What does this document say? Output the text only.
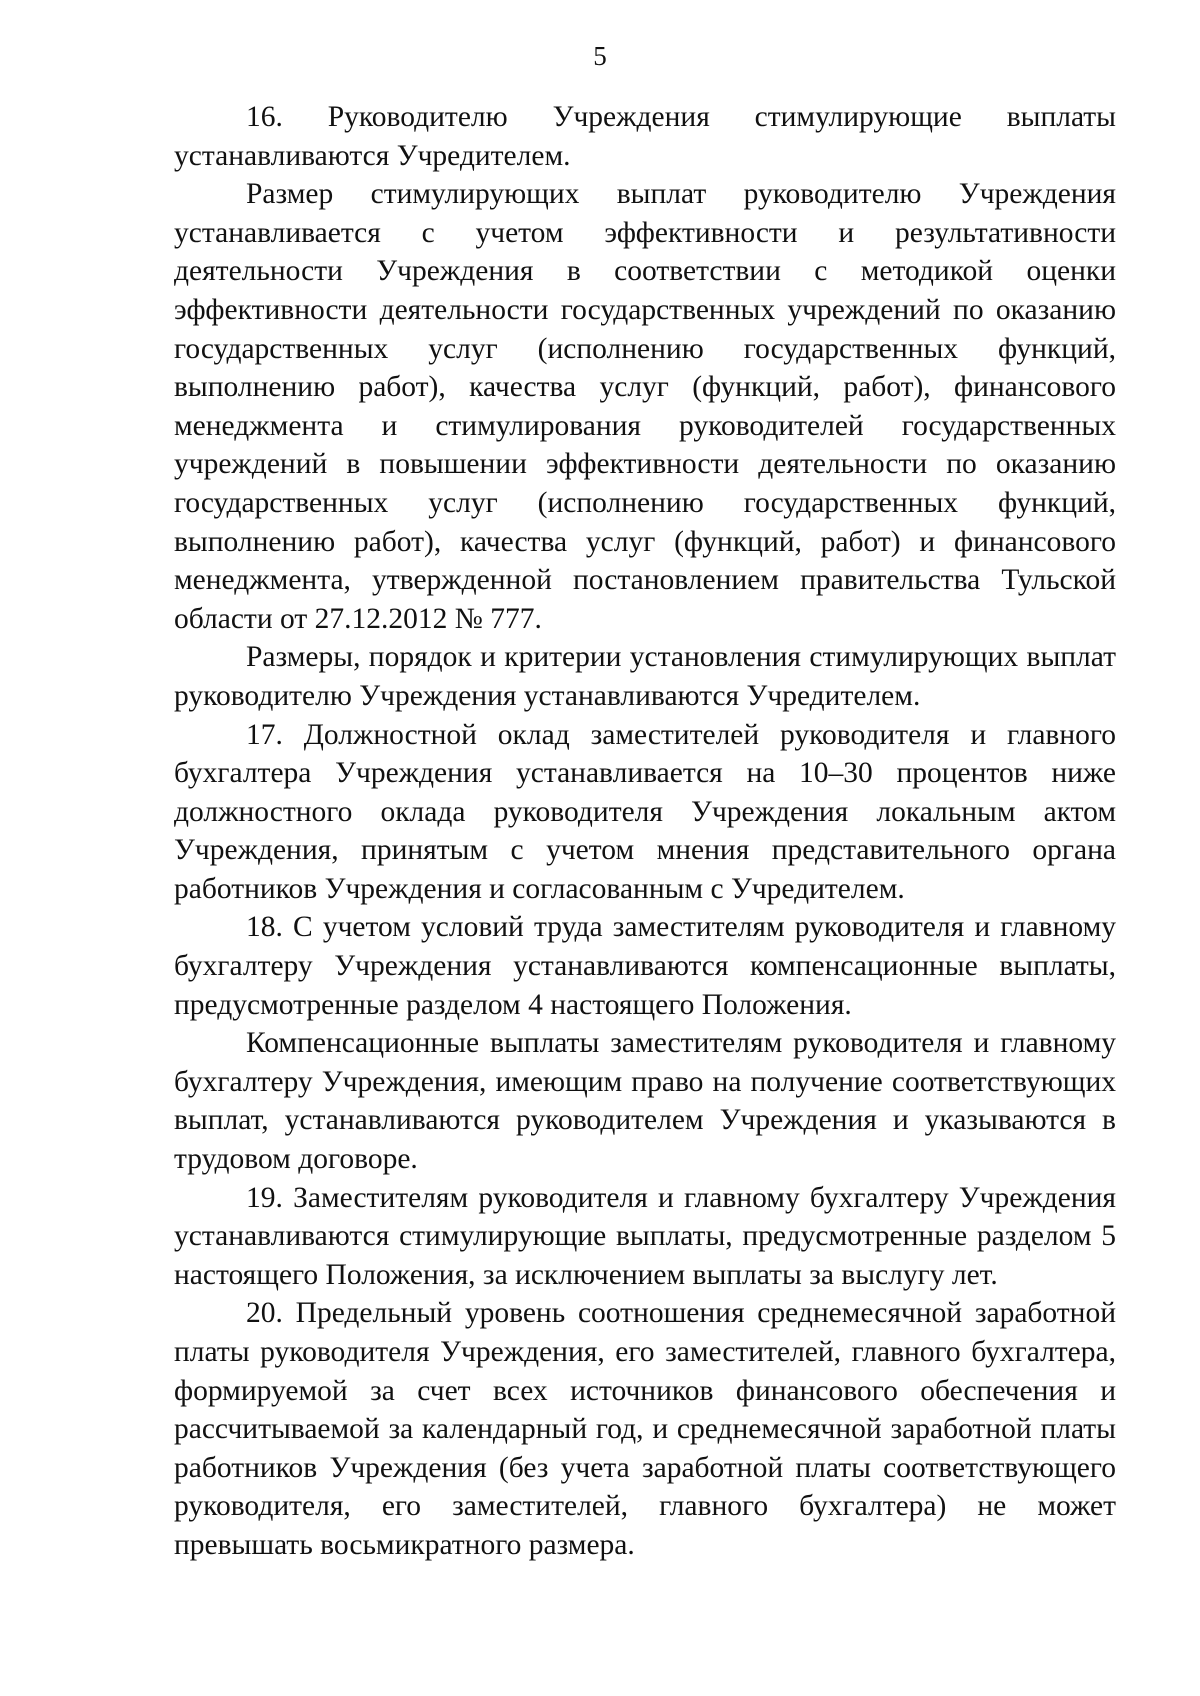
5

16. Руководителю Учреждения стимулирующие выплаты устанавливаются Учредителем.

Размер стимулирующих выплат руководителю Учреждения устанавливается с учетом эффективности и результативности деятельности Учреждения в соответствии с методикой оценки эффективности деятельности государственных учреждений по оказанию государственных услуг (исполнению государственных функций, выполнению работ), качества услуг (функций, работ), финансового менеджмента и стимулирования руководителей государственных учреждений в повышении эффективности деятельности по оказанию государственных услуг (исполнению государственных функций, выполнению работ), качества услуг (функций, работ) и финансового менеджмента, утвержденной постановлением правительства Тульской области от 27.12.2012 № 777.

Размеры, порядок и критерии установления стимулирующих выплат руководителю Учреждения устанавливаются Учредителем.

17. Должностной оклад заместителей руководителя и главного бухгалтера Учреждения устанавливается на 10–30 процентов ниже должностного оклада руководителя Учреждения локальным актом Учреждения, принятым с учетом мнения представительного органа работников Учреждения и согласованным с Учредителем.

18. С учетом условий труда заместителям руководителя и главному бухгалтеру Учреждения устанавливаются компенсационные выплаты, предусмотренные разделом 4 настоящего Положения.

Компенсационные выплаты заместителям руководителя и главному бухгалтеру Учреждения, имеющим право на получение соответствующих выплат, устанавливаются руководителем Учреждения и указываются в трудовом договоре.

19. Заместителям руководителя и главному бухгалтеру Учреждения устанавливаются стимулирующие выплаты, предусмотренные разделом 5 настоящего Положения, за исключением выплаты за выслугу лет.

20. Предельный уровень соотношения среднемесячной заработной платы руководителя Учреждения, его заместителей, главного бухгалтера, формируемой за счет всех источников финансового обеспечения и рассчитываемой за календарный год, и среднемесячной заработной платы работников Учреждения (без учета заработной платы соответствующего руководителя, его заместителей, главного бухгалтера) не может превышать восьмикратного размера.
